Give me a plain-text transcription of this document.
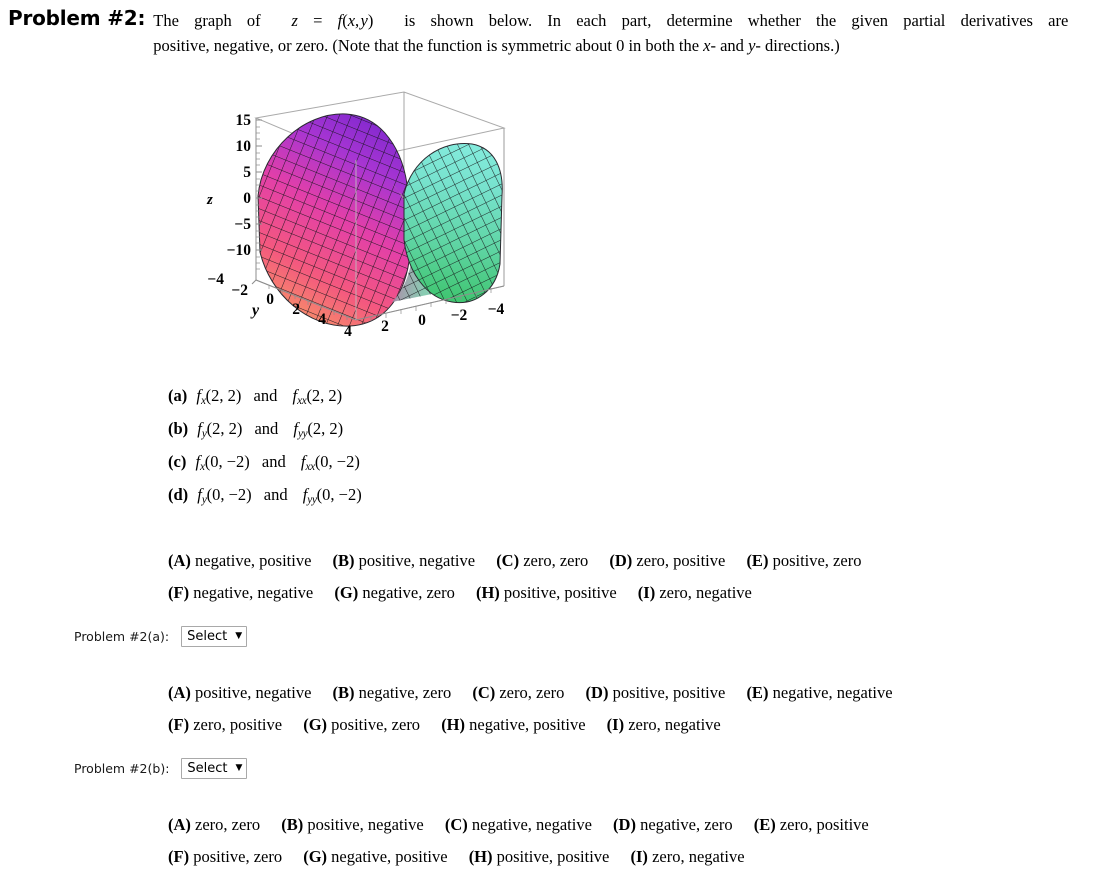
Problem #2: The graph of  z = f(x, y)  is shown below. In each part, determine whether the given partial derivatives are
positive, negative, or zero. (Note that the function is symmetric about 0 in both the x- and y- directions.)
15
10
5
0
−5
−10
z
−4
−2
0
2
4
y
4 2 0 −2 −4
(a) $f_x(2$, 2) and $f_{xx}(2$, 2)
(b) $f_y(2$, 2) and $f_{yy}(2$, 2)
(c) $f_x(0$, −2) and $f_{xx}(0$, −2)
(d) $f_y(0$, −2) and $f_{yy}(0$, −2)
(A) negative, positive (B) positive, negative (C) zero, zero (D) zero, positive (E) positive, zero
(F) negative, negative (G) negative, zero (H) positive, positive (I) zero, negative
Problem #2(a): Select ▼
(A) positive, negative (B) negative, zero (C) zero, zero (D) positive, positive (E) negative, negative
(F) zero, positive (G) positive, zero (H) negative, positive (I) zero, negative
Problem #2(b): Select ▼
(A) zero, zero (B) positive, negative (C) negative, negative (D) negative, zero (E) zero, positive
(F) positive, zero (G) negative, positive (H) positive, positive (I) zero, negative
